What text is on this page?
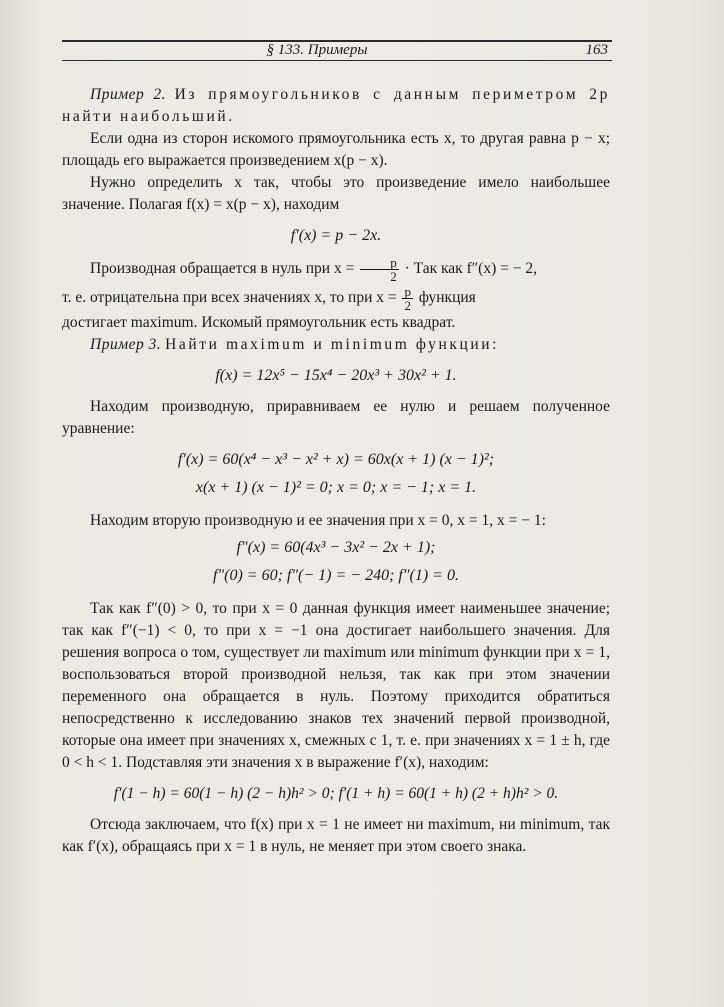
§ 133. Примеры	163

Пример 2. Из прямоугольников с данным периметром 2p найти наибольший.

Если одна из сторон искомого прямоугольника есть x, то другая равна p − x; площадь его выражается произведением x(p − x).

Нужно определить x так, чтобы это произведение имело наибольшее значение. Полагая f(x) = x(p − x), находим

f′(x) = p − 2x.

Производная обращается в нуль при $x = \frac{p}{2}$ · Так как f″(x) = − 2,

т. е. отрицательна при всех значениях x, то при $x = \frac{p}{2}$ функция

достигает maximum. Искомый прямоугольник есть квадрат.

Пример 3. Найти maximum и minimum функции:

f(x) = 12x⁵ − 15x⁴ − 20x³ + 30x² + 1.

Находим производную, приравниваем ее нулю и решаем полученное уравнение:

f′(x) = 60(x⁴ − x³ − x² + x) = 60x(x + 1) (x − 1)²;
x(x + 1) (x − 1)² = 0; x = 0; x = − 1; x = 1.

Находим вторую производную и ее значения при x = 0, x = 1, x = − 1:

f″(x) = 60(4x³ − 3x² − 2x + 1);
f″(0) = 60; f″(− 1) = − 240; f″(1) = 0.

Так как f″(0) > 0, то при x = 0 данная функция имеет наименьшее значение; так как f″(−1) < 0, то при x = −1 она достигает наибольшего значения. Для решения вопроса о том, существует ли maximum или minimum функции при x = 1, воспользоваться второй производной нельзя, так как при этом значении переменного она обращается в нуль. Поэтому приходится обратиться непосредственно к исследованию знаков тех значений первой производной, которые она имеет при значениях x, смежных с 1, т. е. при значениях x = 1 ± h, где 0 < h < 1. Подставляя эти значения x в выражение f′(x), находим:

f′(1 − h) = 60(1 − h) (2 − h)h² > 0; f′(1 + h) = 60(1 + h) (2 + h)h² > 0.

Отсюда заключаем, что f(x) при x = 1 не имеет ни maximum, ни minimum, так как f′(x), обращаясь при x = 1 в нуль, не меняет при этом своего знака.
